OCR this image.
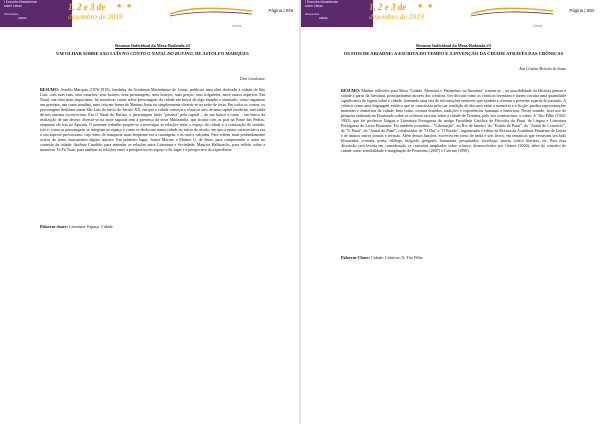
I Encontro Maranhense sobre Letras
Discussões
UEMA
1, 2 e 3 de
dezembro de 2019
★ ★
Uema
Página | 549
Resumo Individual da Mesa-Redonda #2
UM OLHAR SOBRE SÃO LUÍS NO CONTO O NATAL DO RUFINO, DE ASTOLFO MARQUES
Dino Cavalcante
RESUMO: Astolfo Marques (1876-1918), fundador da Academia Maranhense de Letras, publicou uma obra dedicada à cidade de São Luís, com suas ruas, seus casarões, seus bairros, seus personagens, seus festejos, suas praças, seus folguedos, entre outros aspectos. Em Natal, sua obra mais importante, há narrativas curtas sobre personagens da cidade em busca de algo simples e inusitado: como organizar um presépio, um canto natalino, uma ceia em honra do Menino Jesus ou simplesmente divertir-se na noite de festa. Em todos os contos, os personagens deslizam numa São Luís do início do Século XX, em que a cidade começava a buscar ares de uma capital moderna, mal saída de um sistema escravocrata. Em O Natal do Rufino, o personagem título "passeia" pela capital – de um bairro a outro – em busca da realização de um desejo: divertir-se na noite sagrada sem a presença da nova Mariazinha, que ficaria com os pais na Fonte das Pedras, enquanto ele iria ao Apicum. O presente trabalho propõe-se a investigar as relações entre o espaço da cidade e a construção do sentido, isto é, como as personagens se integram ao espaço e como se deslocam numa cidade do início do século, em que a maior característica era o seu aspecto provinciano, cujo meio de transporte mais frequente era a carruagem, e as ruas e calçadas. Para refletir mais profundamente acerca do tema, buscaremos alguns autores. Em primeiro lugar, Jomar Moraes e Mateus G. de Jesus, para compreender o autor no contexto da cidade; Antônio Candido, para entender as relações entre Literatura e Sociedade; Maurice Halbwachs, para refletir sobre a memória; Yi-Fu Tuan, para analisar as relações entre a perspectiva do espaço e do lugar e a perspectiva da experiência.
Palavras-chave: Literatura. Espaço. Cidade
I Encontro Maranhense sobre Letras
Discussões
UEMA
1, 2 e 3 de
dezembro de 2019
★ ★
Uema
Página | 550
Resumo Individual da Mesa-Redonda #3
OS FIOS DE ARIADNE: A ESCRITA DO TEMPO E A INVENÇÃO DA CIDADE ATRAVÉS DAS CRÔNICAS
Ana Cristina Meireles de Sousa
RESUMO: Minhas reflexões para Mesa "Cidade, Memória e Patrimônio na literatura" trazem-se – na possibilidade da História pensar a cidade a partir da literatura, principalmente através das crônicas. Irei discutir como as crônicas inventam e fazem circular uma quantidade significativa de signos sobre a cidade, formando uma teia de informações sensíveis que ajudem a orientar o presente a partir do passado. A crônica como uma linguagem estética que se caracteriza pela sua condição de discurso entre a memória e a ficção, produz representações materiais e imateriais da cidade, bem como, costura sentidos, tradições e experiências humanas e históricas. Nesse sentido, farei uso de pesquisa realizada no Doutorado sobre as crônicas escritas sobre a cidade de Teresina, pelo seu cronista-mor, o saber: A. Tito Filho (1924-1992), que foi professor Língua e Literatura Portuguesa do antigo Faculdade Católica de Filosofia do Piauí, de Língua e Literatura Portuguesa do Liceu Piauiense. Foi também jornalista – "Libertação", no Rio de Janeiro, do "Estado do Piauí", do "Jornal do Comércio", de "O Piauí", do "Jornal do Piauí", colaborador de "O Dia" e "O Estado", organizador e editor da Revista da Academia Piauiense de Letras e de muitos outros jornais e revistas. Além dessas funções, escreveu em torno de trinta e seis livros, em temáticas que versavam seu lado historiador, cronista, poeta, filólogo, biógrafo, geógrafo, humanista, pesquisador, sociólogo, jurista, crítico literário, etc. Para essa discussão será levada em consideração os conceitos ampliados sobre crônica, desenvolvidos por Gomes (2004), além do conceito de cidade como sensibilidade e imaginação de Pesavento (2007) e Calvino (1990).
Palavras-Chave: Cidade; Crônicas; A. Tito Filho
